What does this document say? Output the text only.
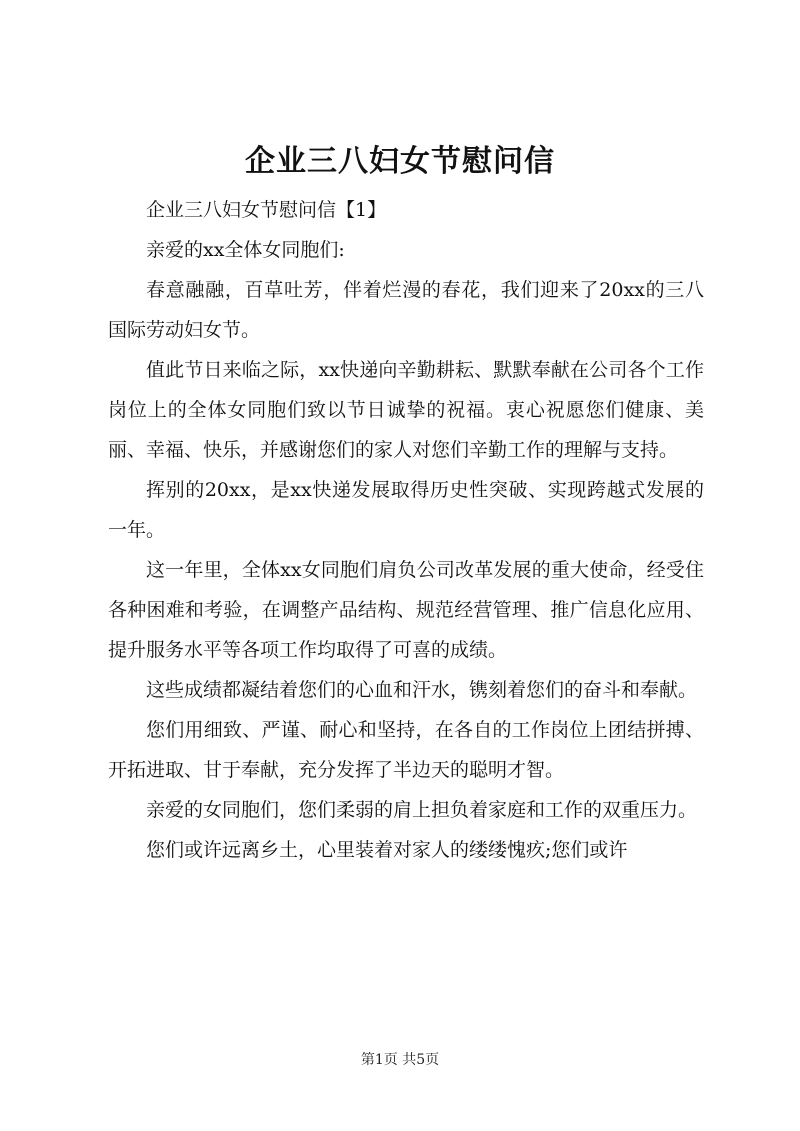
企业三八妇女节慰问信

企业三八妇女节慰问信【1】

亲爱的xx全体女同胞们:

春意融融，百草吐芳，伴着烂漫的春花，我们迎来了20xx的三八国际劳动妇女节。

值此节日来临之际，xx快递向辛勤耕耘、默默奉献在公司各个工作岗位上的全体女同胞们致以节日诚挚的祝福。衷心祝愿您们健康、美丽、幸福、快乐，并感谢您们的家人对您们辛勤工作的理解与支持。

挥别的20xx，是xx快递发展取得历史性突破、实现跨越式发展的一年。

这一年里，全体xx女同胞们肩负公司改革发展的重大使命，经受住各种困难和考验，在调整产品结构、规范经营管理、推广信息化应用、提升服务水平等各项工作均取得了可喜的成绩。

这些成绩都凝结着您们的心血和汗水，镌刻着您们的奋斗和奉献。

您们用细致、严谨、耐心和坚持，在各自的工作岗位上团结拼搏、开拓进取、甘于奉献，充分发挥了半边天的聪明才智。

亲爱的女同胞们，您们柔弱的肩上担负着家庭和工作的双重压力。

您们或许远离乡土，心里装着对家人的缕缕愧疚;您们或许

第1页 共5页
